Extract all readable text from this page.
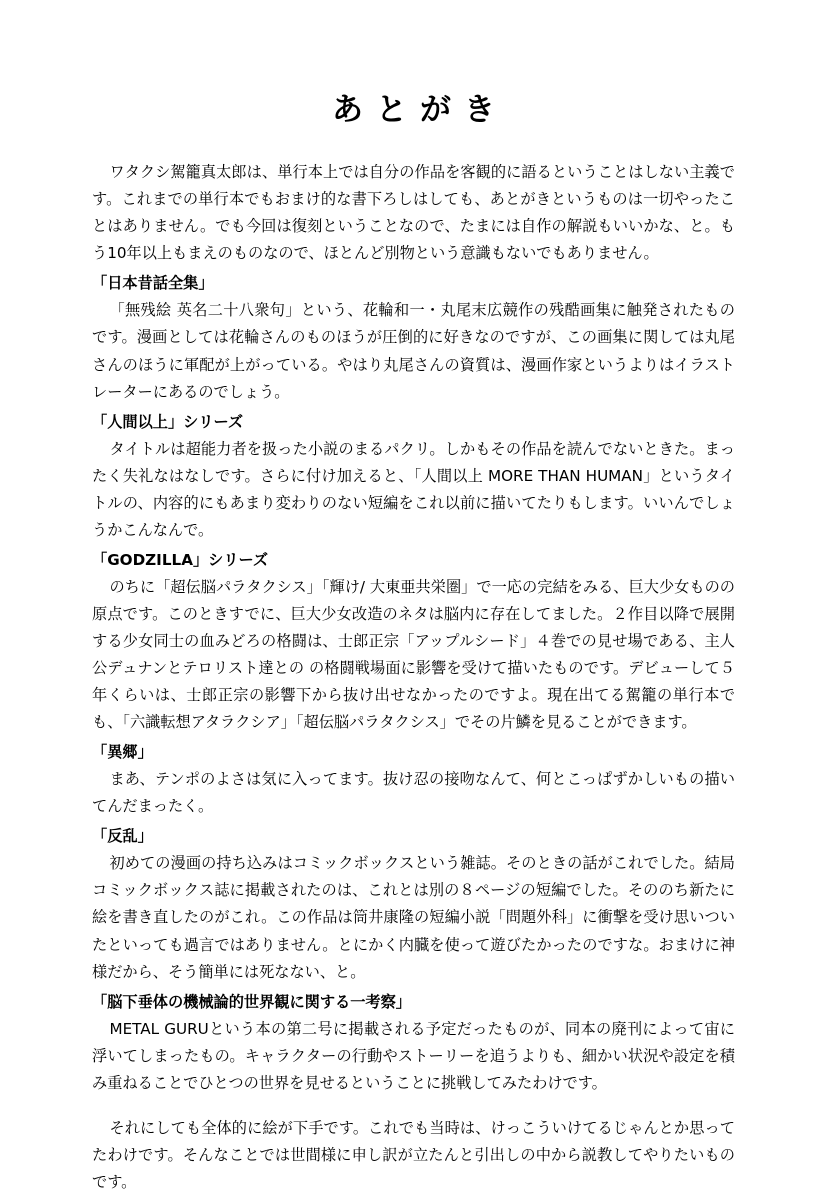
あとがき

ワタクシ駕籠真太郎は、単行本上では自分の作品を客観的に語るということはしない主義です。これまでの単行本でもおまけ的な書下ろしはしても、あとがきというものは一切やったことはありません。でも今回は復刻ということなので、たまには自作の解説もいいかな、と。もう10年以上もまえのものなので、ほとんど別物という意識もないでもありません。

「日本昔話全集」

「無残絵 英名二十八衆句」という、花輪和一・丸尾末広競作の残酷画集に触発されたものです。漫画としては花輪さんのものほうが圧倒的に好きなのですが、この画集に関しては丸尾さんのほうに軍配が上がっている。やはり丸尾さんの資質は、漫画作家というよりはイラストレーターにあるのでしょう。

「人間以上」シリーズ

タイトルは超能力者を扱った小説のまるパクリ。しかもその作品を読んでないときた。まったく失礼なはなしです。さらに付け加えると、「人間以上 MORE THAN HUMAN」というタイトルの、内容的にもあまり変わりのない短編をこれ以前に描いてたりもします。いいんでしょうかこんなんで。

「GODZILLA」シリーズ

のちに「超伝脳パラタクシス」「輝け/ 大東亜共栄圏」で一応の完結をみる、巨大少女ものの原点です。このときすでに、巨大少女改造のネタは脳内に存在してました。２作目以降で展開する少女同士の血みどろの格闘は、士郎正宗「アップルシード」４巻での見せ場である、主人公デュナンとテロリスト達との の格闘戦場面に影響を受けて描いたものです。デビューして５年くらいは、士郎正宗の影響下から抜け出せなかったのですよ。現在出てる駕籠の単行本でも、「六識転想アタラクシア」「超伝脳パラタクシス」でその片鱗を見ることができます。

「異郷」

まあ、テンポのよさは気に入ってます。抜け忍の接吻なんて、何とこっぱずかしいもの描いてんだまったく。

「反乱」

初めての漫画の持ち込みはコミックボックスという雑誌。そのときの話がこれでした。結局コミックボックス誌に掲載されたのは、これとは別の８ページの短編でした。そののち新たに絵を書き直したのがこれ。この作品は筒井康隆の短編小説「問題外科」に衝撃を受け思いついたといっても過言ではありません。とにかく内臓を使って遊びたかったのですな。おまけに神様だから、そう簡単には死なない、と。

「脳下垂体の機械論的世界観に関する一考察」

METAL GURUという本の第二号に掲載される予定だったものが、同本の廃刊によって宙に浮いてしまったもの。キャラクターの行動やストーリーを追うよりも、細かい状況や設定を積み重ねることでひとつの世界を見せるということに挑戦してみたわけです。

それにしても全体的に絵が下手です。これでも当時は、けっこういけてるじゃんとか思ってたわけです。そんなことでは世間様に申し訳が立たんと引出しの中から説教してやりたいものです。
